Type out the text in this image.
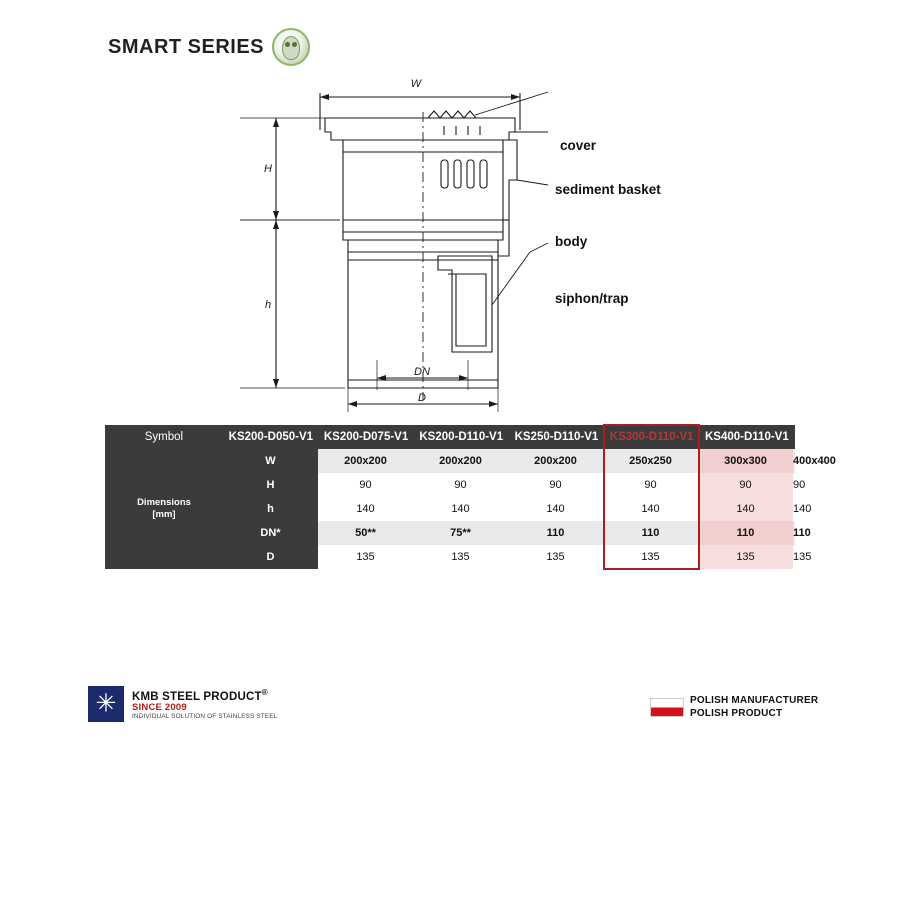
SMART SERIES
W
H
h
DN
D
cover
sediment basket
body
siphon/trap
Symbol	KS200-D050-V1	KS200-D075-V1	KS200-D110-V1	KS250-D110-V1	KS300-D110-V1	KS400-D110-V1
Dimensions
[mm]	W	200x200	200x200	200x200	250x250	300x300	400x400
	H	90	90	90	90	90	90
	h	140	140	140	140	140	140
	DN*	50**	75**	110	110	110	110
	D	135	135	135	135	135	135
✳ KMB STEEL PRODUCT®
SINCE 2009
INDIVIDUAL SOLUTION OF STAINLESS STEEL
POLISH MANUFACTURER
POLISH PRODUCT
